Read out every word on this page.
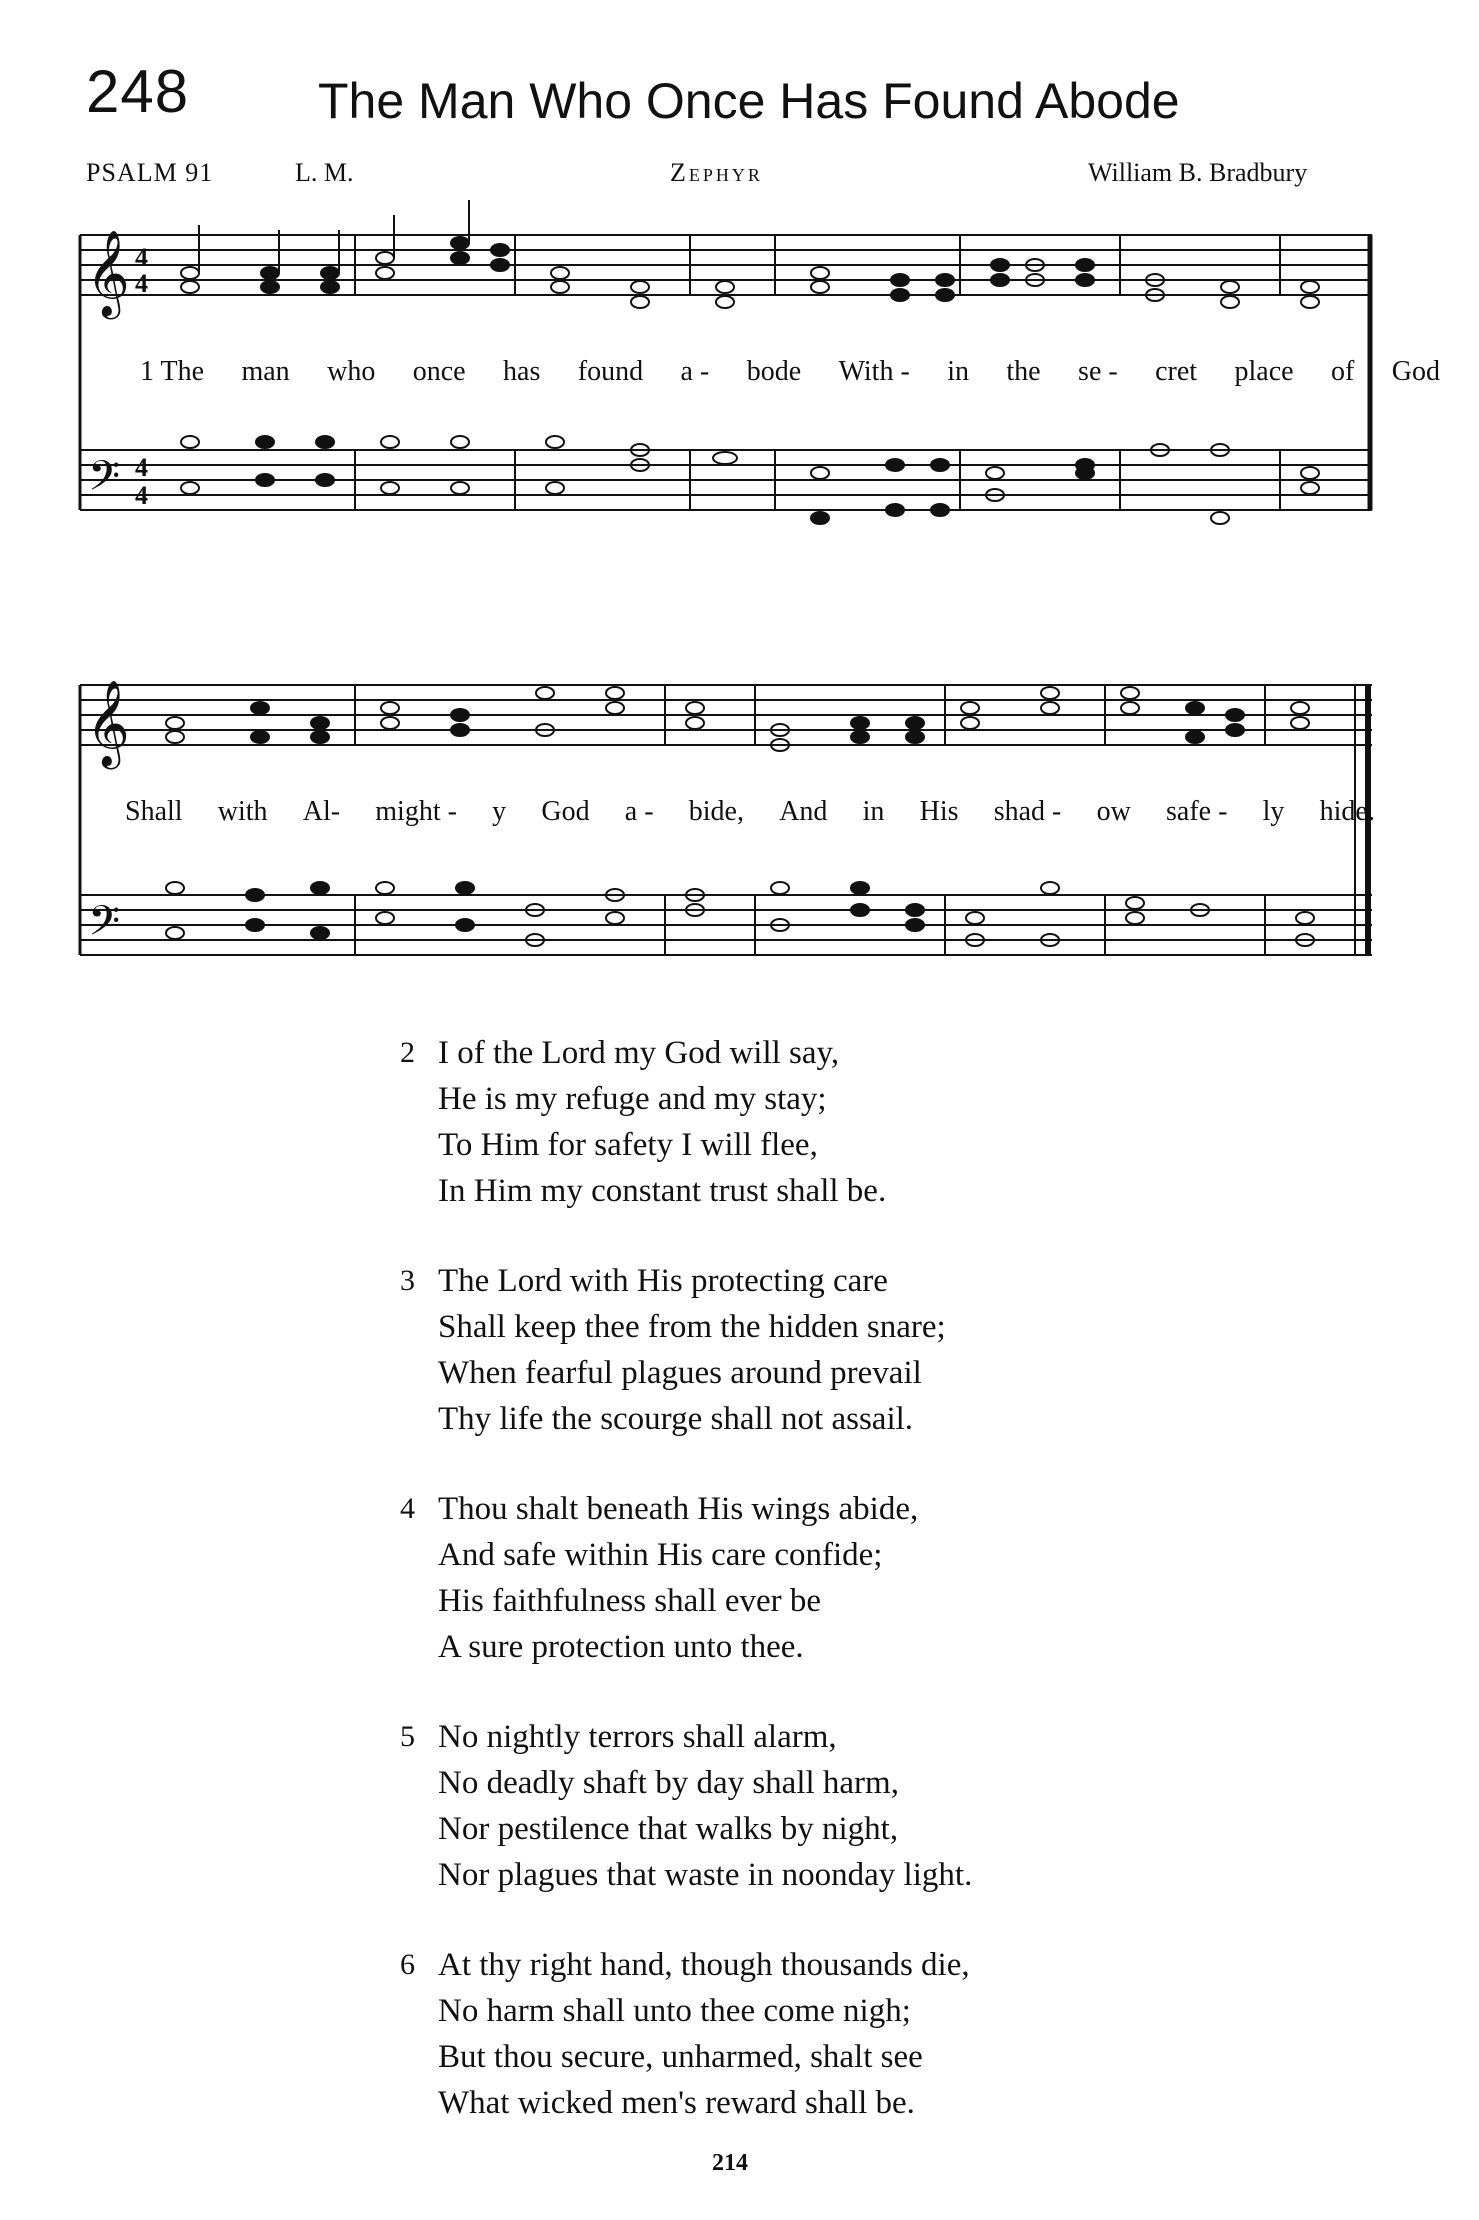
248	The Man Who Once Has Found Abode
PSALM 91	L. M.	Zephyr	William B. Bradbury
𝄞
𝄢
4
4
4
4
1 The man who once has found a - bode With - in the se - cret place of God
𝄞
𝄢
Shall with Al- might - y God a - bide, And in His shad - ow safe - ly hide.
2 I of the Lord my God will say,
He is my refuge and my stay;
To Him for safety I will flee,
In Him my constant trust shall be.
3 The Lord with His protecting care
Shall keep thee from the hidden snare;
When fearful plagues around prevail
Thy life the scourge shall not assail.
4 Thou shalt beneath His wings abide,
And safe within His care confide;
His faithfulness shall ever be
A sure protection unto thee.
5 No nightly terrors shall alarm,
No deadly shaft by day shall harm,
Nor pestilence that walks by night,
Nor plagues that waste in noonday light.
6 At thy right hand, though thousands die,
No harm shall unto thee come nigh;
But thou secure, unharmed, shalt see
What wicked men's reward shall be.
214
